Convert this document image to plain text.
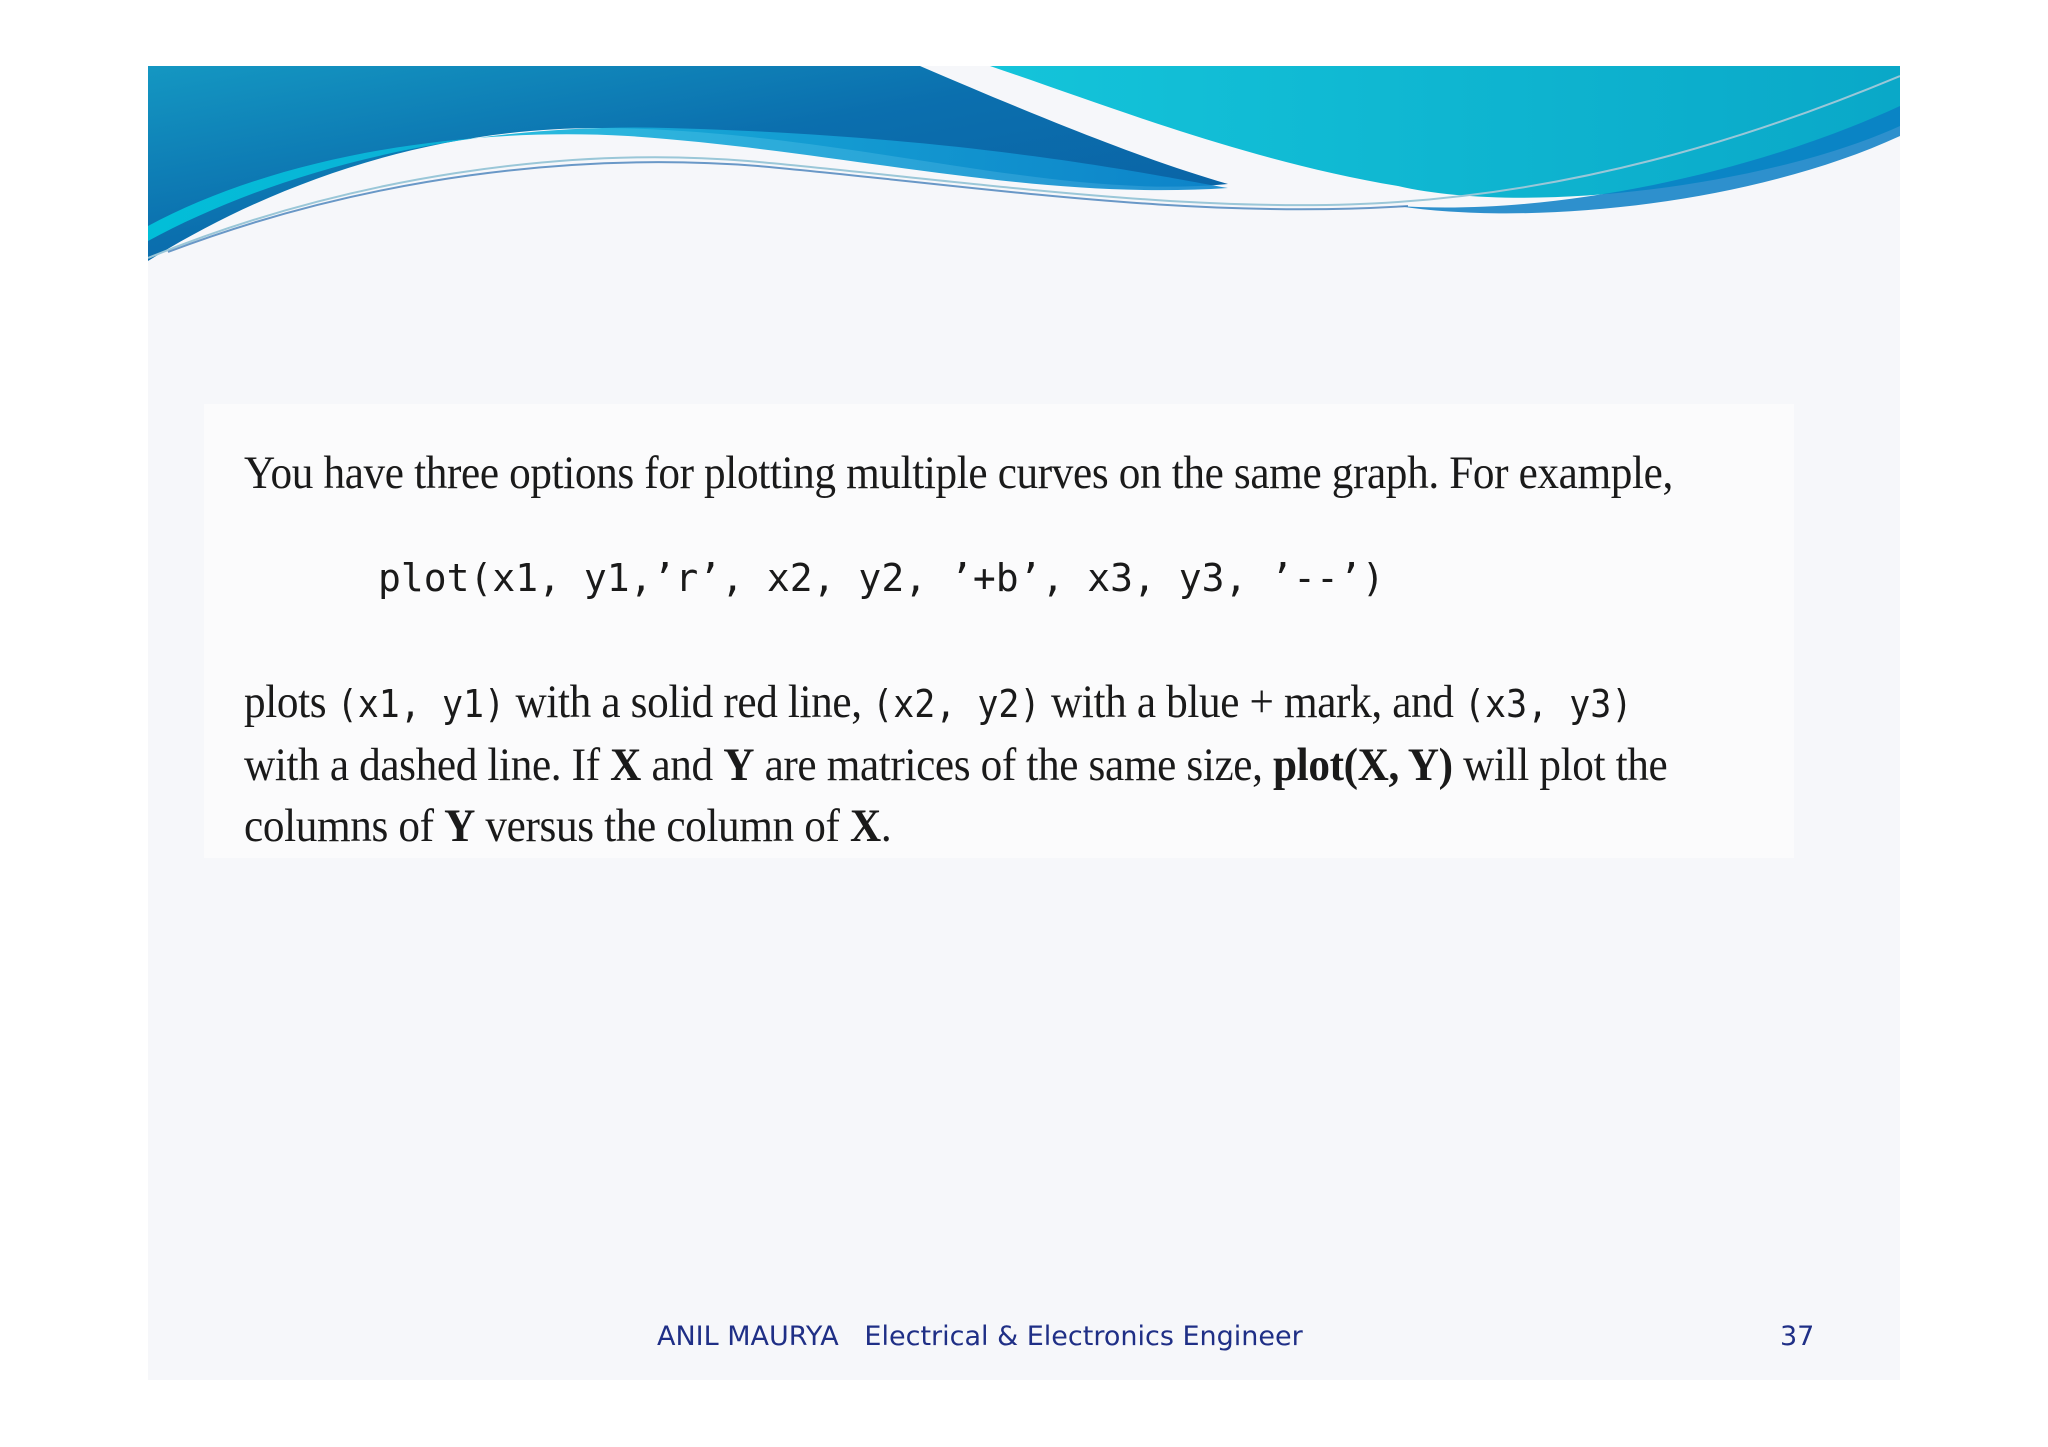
You have three options for plotting multiple curves on the same graph. For example,

plot(x1, y1,’r’, x2, y2, ’+b’, x3, y3, ’--’)

plots (x1, y1) with a solid red line, (x2, y2) with a blue + mark, and (x3, y3)
with a dashed line. If X and Y are matrices of the same size, plot(X, Y) will plot the
columns of Y versus the column of X.

ANIL MAURYA   Electrical & Electronics Engineer	37
